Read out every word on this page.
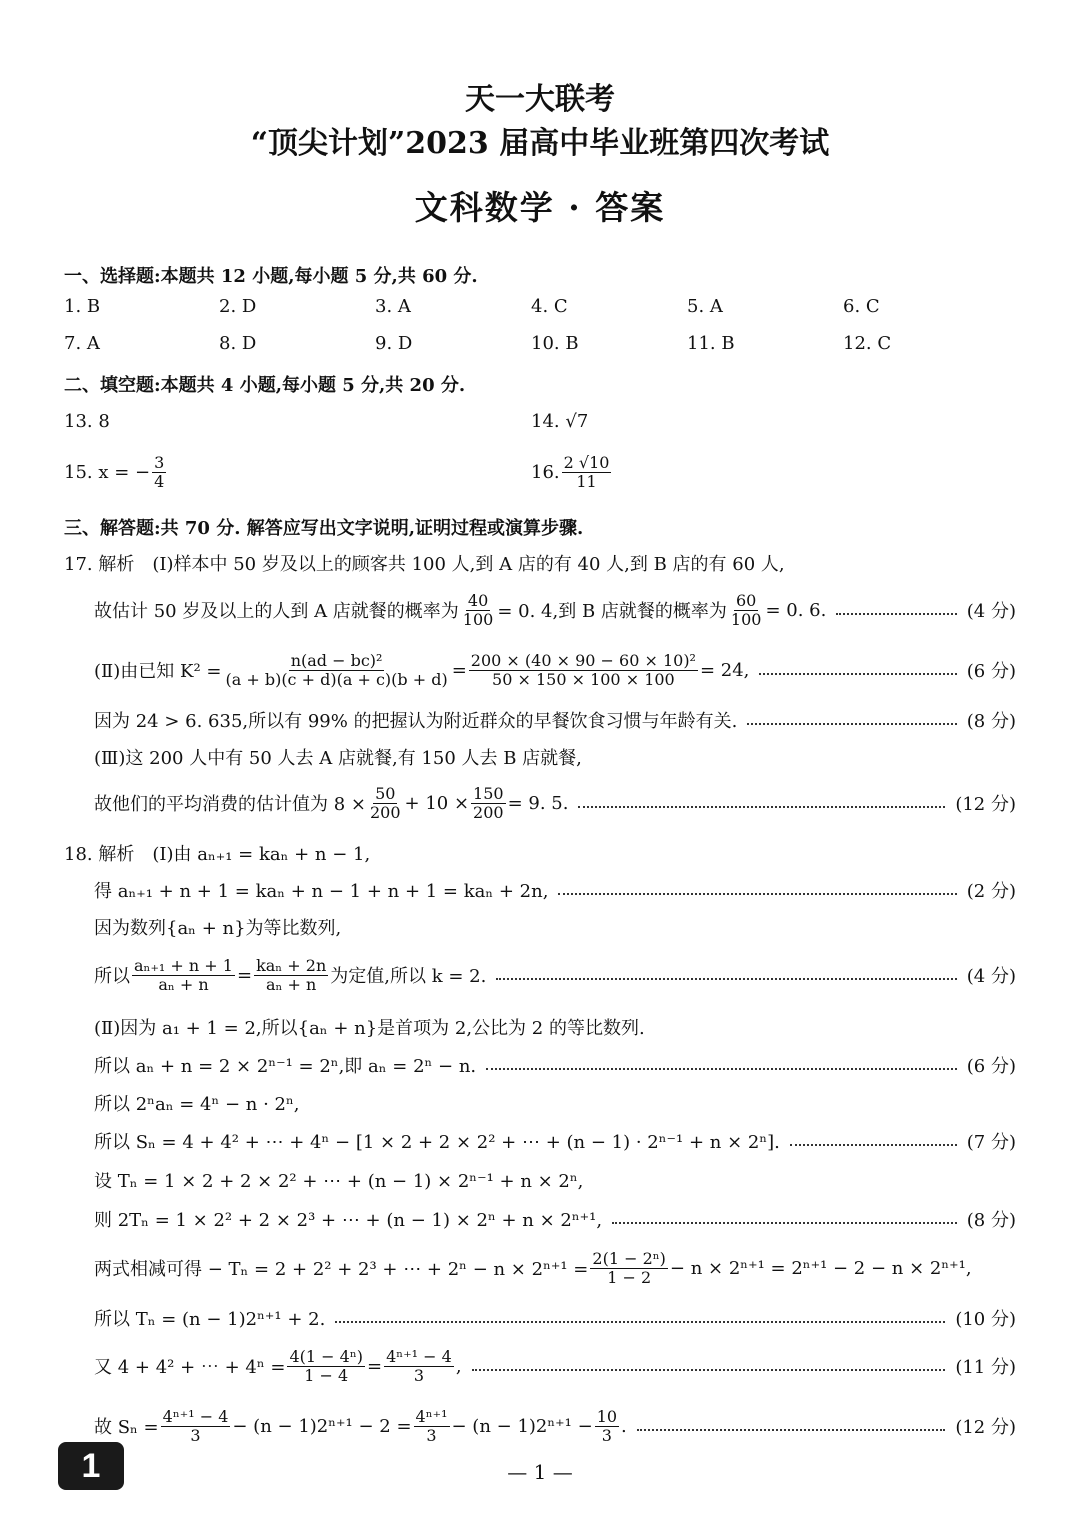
天一大联考
“顶尖计划”2023 届高中毕业班第四次考试
文科数学 · 答案
一、选择题:本题共 12 小题,每小题 5 分,共 60 分.
1. B	2. D	3. A	4. C	5. A	6. C
7. A	8. D	9. D	10. B	11. B	12. C
二、填空题:本题共 4 小题,每小题 5 分,共 20 分.
13. 8	14. √7
15. x = − $\frac{3}{4}$	16. $\frac{2 √10}{11}$
三、解答题:共 70 分. 解答应写出文字说明,证明过程或演算步骤.
17. 解析　(Ⅰ)样本中 50 岁及以上的顾客共 100 人,到 A 店的有 40 人,到 B 店的有 60 人,
故估计 50 岁及以上的人到 A 店就餐的概率为 $\frac{40}{100} = 0$. 4,到 B 店就餐的概率为 $\frac{60}{100} = 0$. 6.	(4 分)
(Ⅱ)由已知 $K^2 = \frac{\text{n(ad − bc)²}}{(a + b)(c + d)(a + c)(b + d)} = \frac{\text{200 × (40 × 90 − 60 × 10)²}}{50 \times 150 \times 100 \times 100} = 24$,	(6 分)
因为 24 > 6. 635,所以有 99% 的把握认为附近群众的早餐饮食习惯与年龄有关.	(8 分)
(Ⅲ)这 200 人中有 50 人去 A 店就餐,有 150 人去 B 店就餐,
故他们的平均消费的估计值为 $8 \times \frac{50}{200} + 10 \times \frac{150}{200} = 9$. 5.	(12 分)
18. 解析　(Ⅰ)由 aₙ₊₁ = kaₙ + n − 1,
得 aₙ₊₁ + n + 1 = kaₙ + n − 1 + n + 1 = kaₙ + 2n,	(2 分)
因为数列{aₙ + n}为等比数列,
所以 $\frac{\text{aₙ₊₁ + n + 1}}{\text{aₙ + n}} = \frac{\text{kaₙ + 2n}}{\text{aₙ + n}}$ 为定值,所以 k = 2.	(4 分)
(Ⅱ)因为 a₁ + 1 = 2,所以{aₙ + n}是首项为 2,公比为 2 的等比数列.
所以 aₙ + n = 2 × 2ⁿ⁻¹ = 2ⁿ,即 aₙ = 2ⁿ − n.	(6 分)
所以 2ⁿaₙ = 4ⁿ − n · 2ⁿ,
所以 Sₙ = 4 + 4² + ⋯ + 4ⁿ − [1 × 2 + 2 × 2² + ⋯ + (n − 1) · 2ⁿ⁻¹ + n × 2ⁿ].	(7 分)
设 Tₙ = 1 × 2 + 2 × 2² + ⋯ + (n − 1) × 2ⁿ⁻¹ + n × 2ⁿ,
则 2Tₙ = 1 × 2² + 2 × 2³ + ⋯ + (n − 1) × 2ⁿ + n × 2ⁿ⁺¹,	(8 分)
两式相减可得 − Tₙ = 2 + 2² + 2³ + ⋯ + $2^n - n \times 2^{n+1} = \frac{\text{2(1 − 2ⁿ)}}{1 - 2} - n \times 2^{n+1} = 2^{n+1} - 2 - n \times 2^{n+1}$,
所以 Tₙ = (n − 1)2ⁿ⁺¹ + 2.	(10 分)
又 4 + 4² + ⋯ + $4^n = \frac{\text{4(1 − 4ⁿ)}}{1 - 4} = \frac{\text{4ⁿ⁺¹ − 4}}{3}$ ,	(11 分)
故 $S_n = \frac{\text{4ⁿ⁺¹ − 4}}{3} - (n - 1)2^{n+1} - 2 = \frac{\text{4ⁿ⁺¹}}{3} - (n - 1)2^{n+1} - \frac{10}{3}$ .	(12 分)
1	— 1 —
